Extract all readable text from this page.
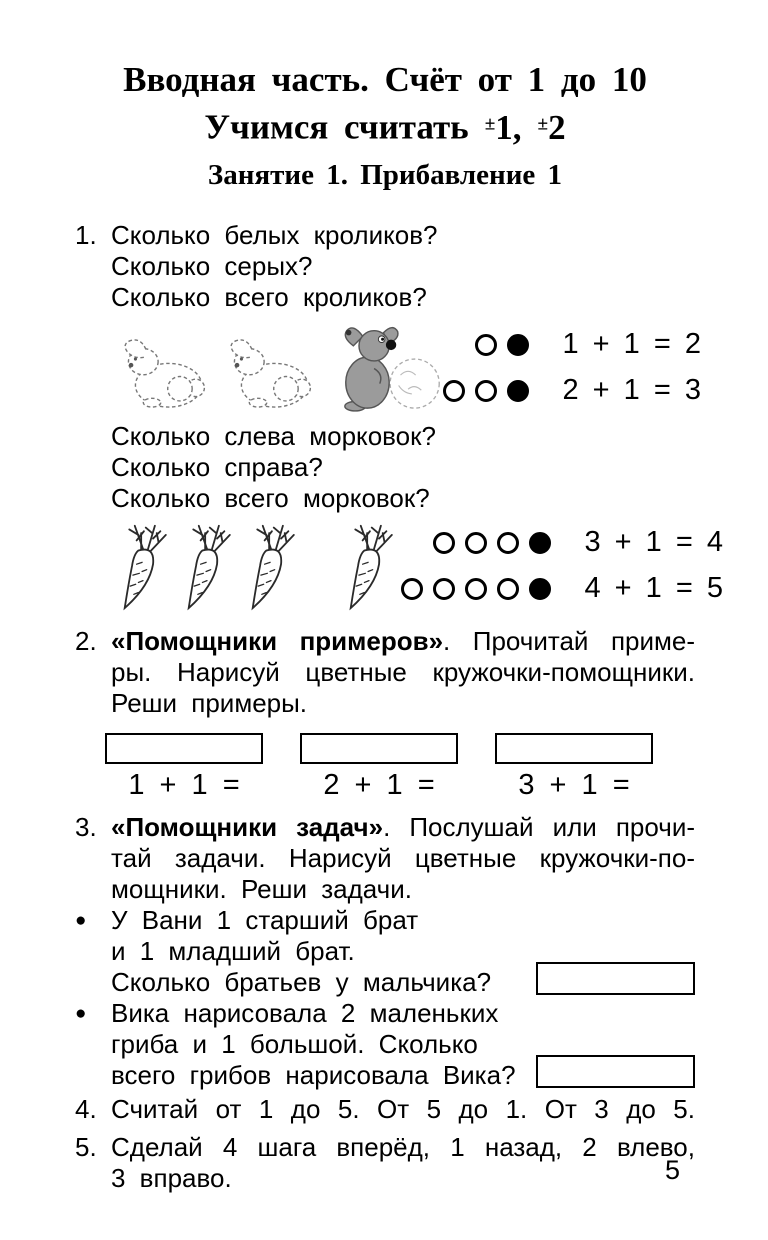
Вводная часть. Счёт от 1 до 10
Учимся считать ±1, ±2
Занятие 1. Прибавление 1
1. Сколько белых кроликов?
Сколько серых?
Сколько всего кроликов?
1 + 1 = 2
2 + 1 = 3
Сколько слева морковок?
Сколько справа?
Сколько всего морковок?
3 + 1 = 4
4 + 1 = 5
2. «Помощники примеров». Прочитай приме-
ры. Нарисуй цветные кружочки-помощники.
Реши примеры.
1 + 1 =	2 + 1 =	3 + 1 =
3. «Помощники задач». Послушай или прочи-
тай задачи. Нарисуй цветные кружочки-по-
мощники. Реши задачи.
● У Вани 1 старший брат
и 1 младший брат.
Сколько братьев у мальчика?
● Вика нарисовала 2 маленьких
гриба и 1 большой. Сколько
всего грибов нарисовала Вика?
4. Считай от 1 до 5. От 5 до 1. От 3 до 5.
5. Сделай 4 шага вперёд, 1 назад, 2 влево,
3 вправо.	5
